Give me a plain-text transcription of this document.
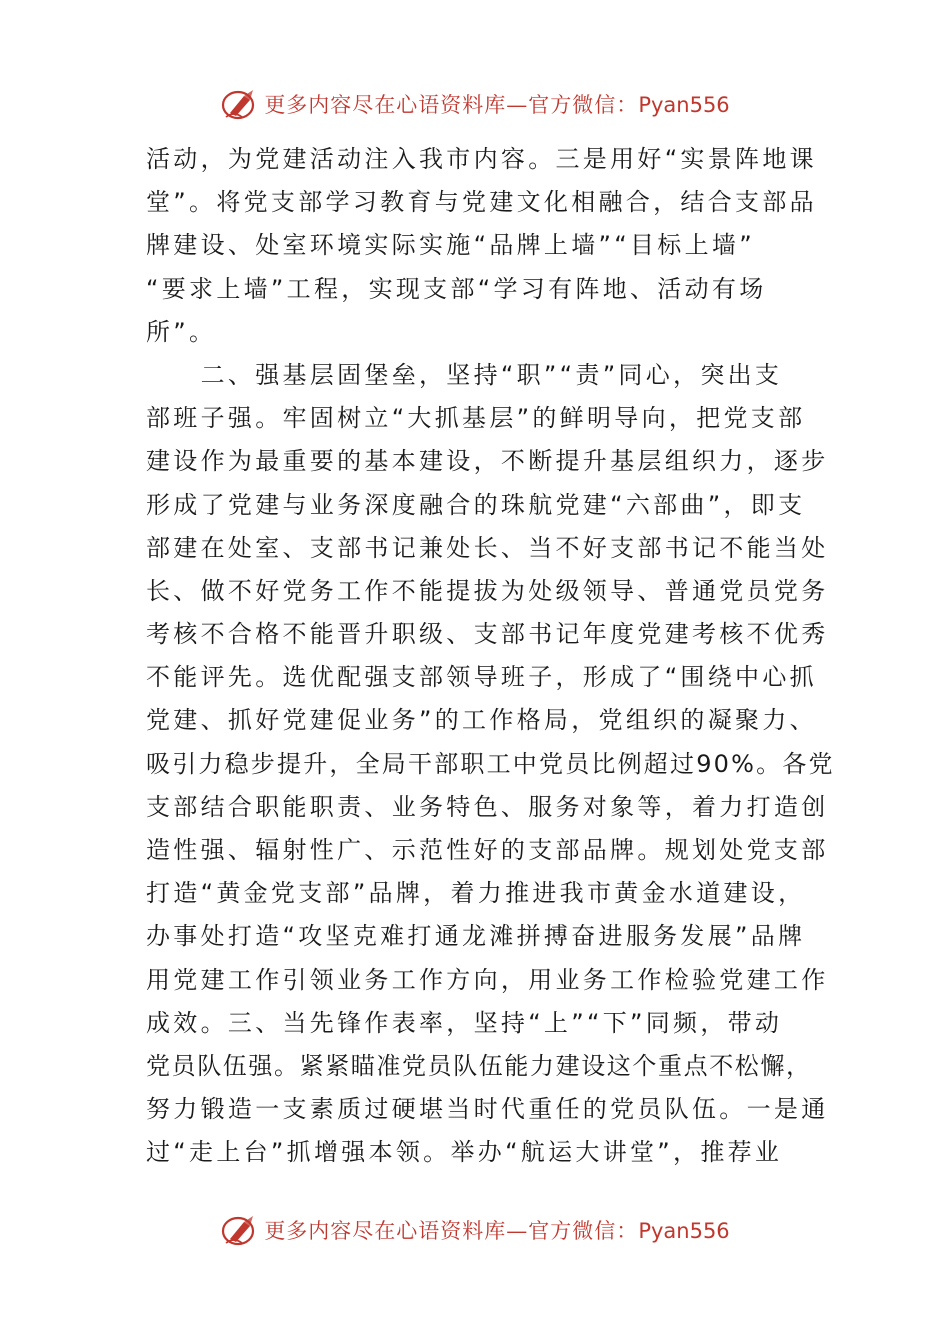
更多内容尽在心语资料库—官方微信：Pyan556
活动，为党建活动注入我市内容。三是用好“实景阵地课
堂”。将党支部学习教育与党建文化相融合，结合支部品
牌建设、处室环境实际实施“品牌上墙”“目标上墙”
“要求上墙”工程，实现支部“学习有阵地、活动有场
所”。
　　二、强基层固堡垒，坚持“职”“责”同心，突出支
部班子强。牢固树立“大抓基层”的鲜明导向，把党支部
建设作为最重要的基本建设，不断提升基层组织力，逐步
形成了党建与业务深度融合的珠航党建“六部曲”，即支
部建在处室、支部书记兼处长、当不好支部书记不能当处
长、做不好党务工作不能提拔为处级领导、普通党员党务
考核不合格不能晋升职级、支部书记年度党建考核不优秀
不能评先。选优配强支部领导班子，形成了“围绕中心抓
党建、抓好党建促业务”的工作格局，党组织的凝聚力、
吸引力稳步提升，全局干部职工中党员比例超过90%。各党
支部结合职能职责、业务特色、服务对象等，着力打造创
造性强、辐射性广、示范性好的支部品牌。规划处党支部
打造“黄金党支部”品牌，着力推进我市黄金水道建设，
办事处打造“攻坚克难打通龙滩拼搏奋进服务发展”品牌
用党建工作引领业务工作方向，用业务工作检验党建工作
成效。三、当先锋作表率，坚持“上”“下”同频，带动
党员队伍强。紧紧瞄准党员队伍能力建设这个重点不松懈，
努力锻造一支素质过硬堪当时代重任的党员队伍。一是通
过“走上台”抓增强本领。举办“航运大讲堂”，推荐业
更多内容尽在心语资料库—官方微信：Pyan556
